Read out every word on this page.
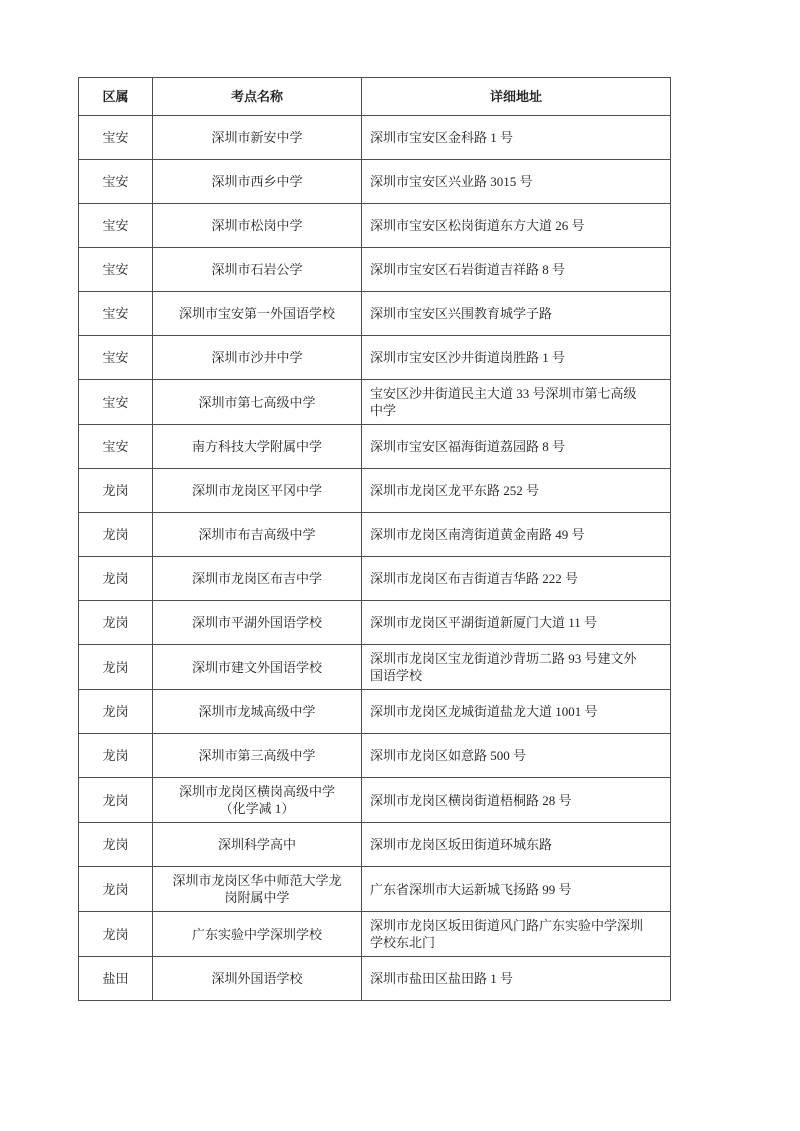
区属	考点名称	详细地址
宝安	深圳市新安中学	深圳市宝安区金科路 1 号
宝安	深圳市西乡中学	深圳市宝安区兴业路 3015 号
宝安	深圳市松岗中学	深圳市宝安区松岗街道东方大道 26 号
宝安	深圳市石岩公学	深圳市宝安区石岩街道吉祥路 8 号
宝安	深圳市宝安第一外国语学校	深圳市宝安区兴围教育城学子路
宝安	深圳市沙井中学	深圳市宝安区沙井街道岗胜路 1 号
宝安	深圳市第七高级中学	宝安区沙井街道民主大道 33 号深圳市第七高级中学
宝安	南方科技大学附属中学	深圳市宝安区福海街道荔园路 8 号
龙岗	深圳市龙岗区平冈中学	深圳市龙岗区龙平东路 252 号
龙岗	深圳市布吉高级中学	深圳市龙岗区南湾街道黄金南路 49 号
龙岗	深圳市龙岗区布吉中学	深圳市龙岗区布吉街道吉华路 222 号
龙岗	深圳市平湖外国语学校	深圳市龙岗区平湖街道新厦门大道 11 号
龙岗	深圳市建文外国语学校	深圳市龙岗区宝龙街道沙背坜二路 93 号建文外国语学校
龙岗	深圳市龙城高级中学	深圳市龙岗区龙城街道盐龙大道 1001 号
龙岗	深圳市第三高级中学	深圳市龙岗区如意路 500 号
龙岗	深圳市龙岗区横岗高级中学（化学减 1）	深圳市龙岗区横岗街道梧桐路 28 号
龙岗	深圳科学高中	深圳市龙岗区坂田街道环城东路
龙岗	深圳市龙岗区华中师范大学龙岗附属中学	广东省深圳市大运新城飞扬路 99 号
龙岗	广东实验中学深圳学校	深圳市龙岗区坂田街道风门路广东实验中学深圳学校东北门
盐田	深圳外国语学校	深圳市盐田区盐田路 1 号
